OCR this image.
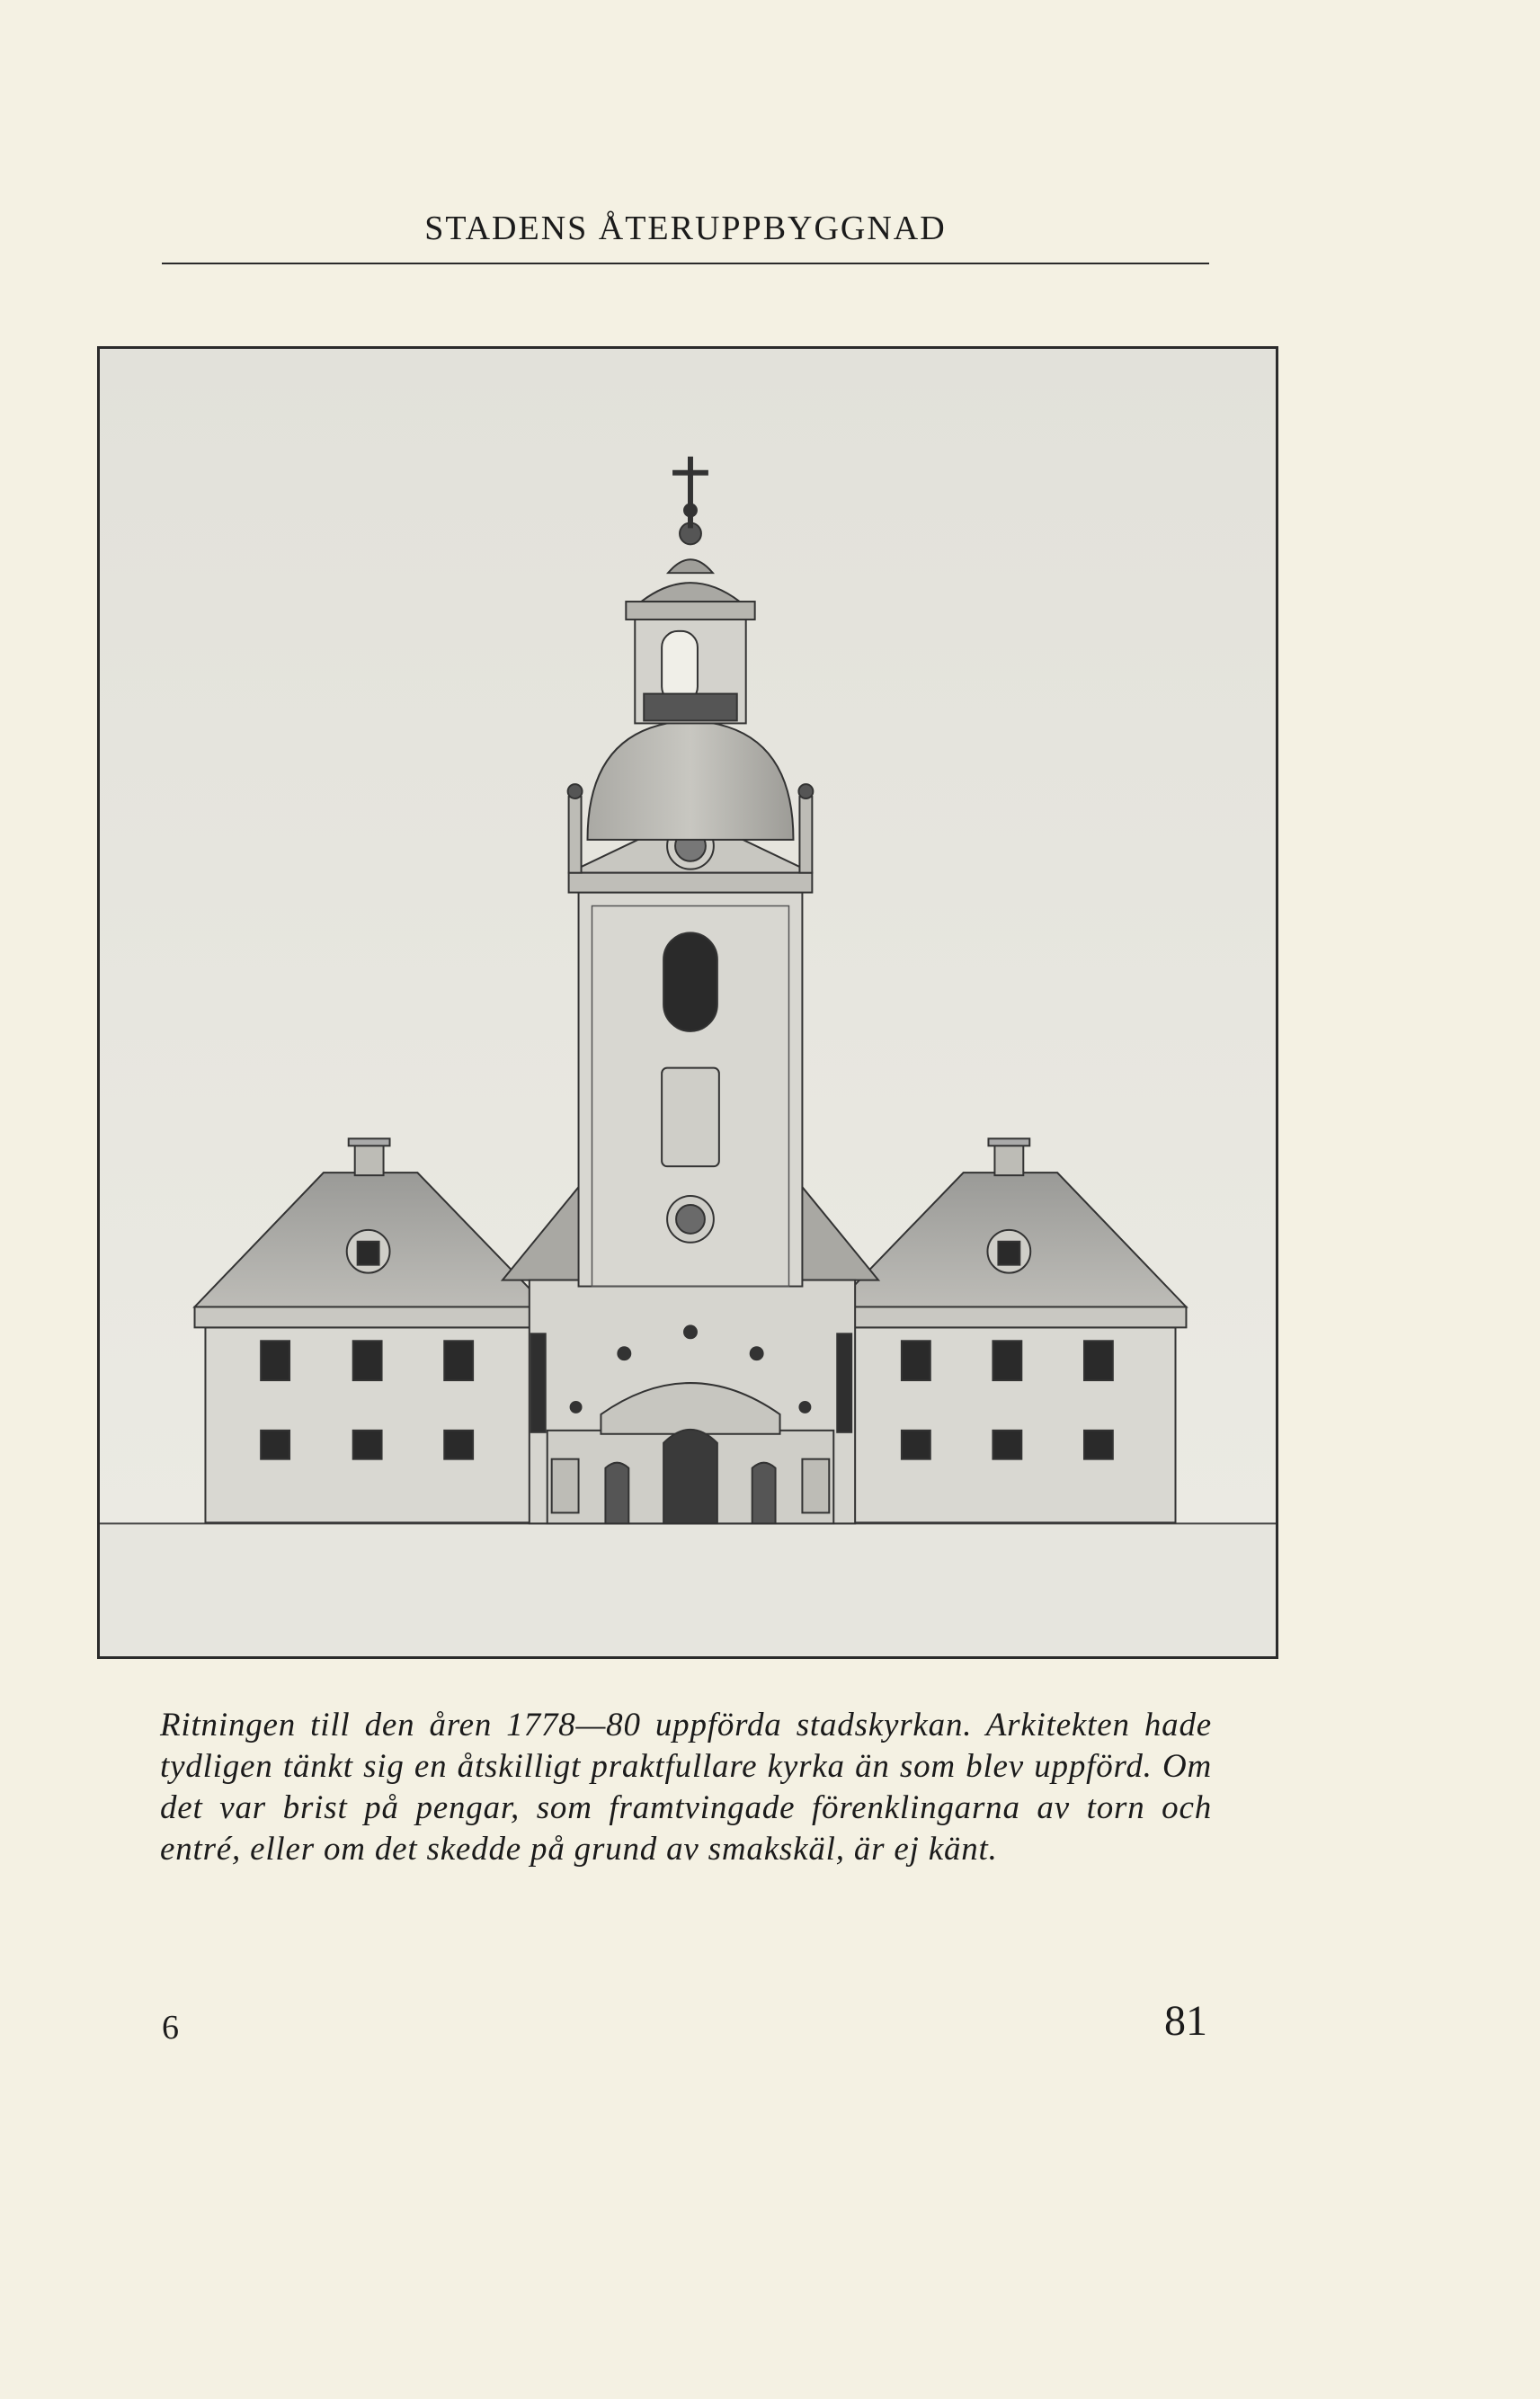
STADENS ÅTERUPPBYGGNAD
Ritningen till den åren 1778—80 uppförda stadskyrkan. Arkitekten hade tydligen tänkt sig en åtskilligt praktfullare kyrka än som blev uppförd. Om det var brist på pengar, som framtvingade förenklingarna av torn och entré, eller om det skedde på grund av smakskäl, är ej känt.
6	81
